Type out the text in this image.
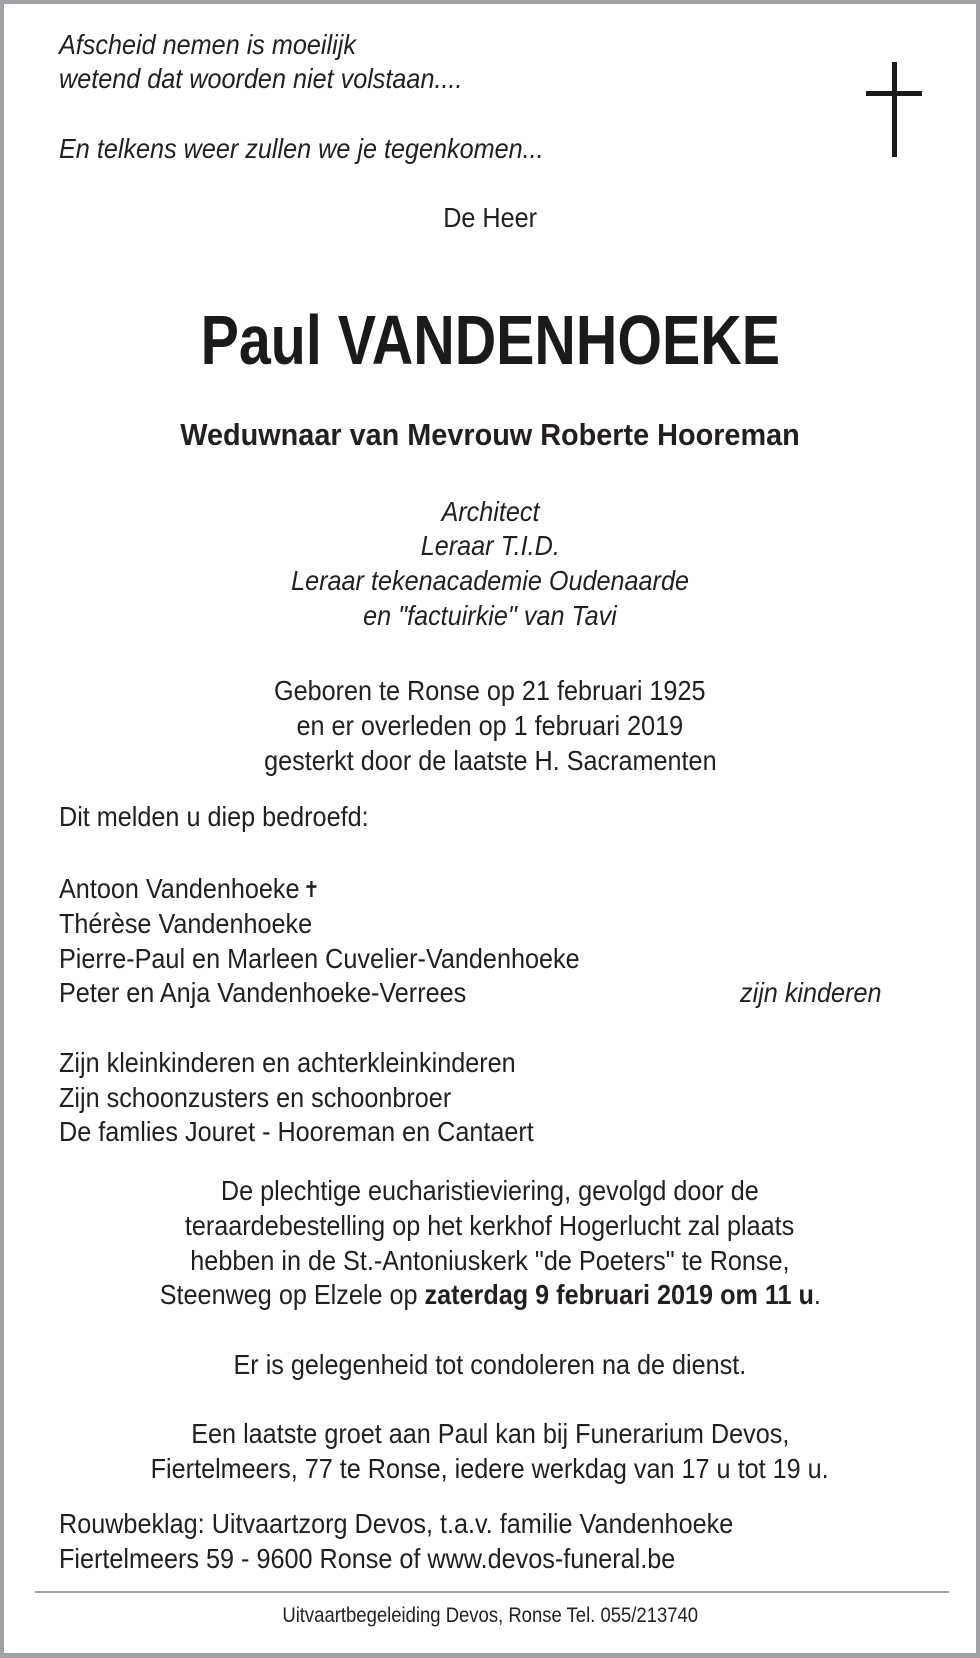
Afscheid nemen is moeilijk
wetend dat woorden niet volstaan....
En telkens weer zullen we je tegenkomen...
De Heer
Paul VANDENHOEKE
Weduwnaar van Mevrouw Roberte Hooreman
Architect
Leraar T.I.D.
Leraar tekenacademie Oudenaarde
en "factuirkie" van Tavi
Geboren te Ronse op 21 februari 1925
en er overleden op 1 februari 2019
gesterkt door de laatste H. Sacramenten
Dit melden u diep bedroefd:
Antoon Vandenhoeke ✝
Thérèse Vandenhoeke
Pierre-Paul en Marleen Cuvelier-Vandenhoeke
Peter en Anja Vandenhoeke-Verrees	zijn kinderen
Zijn kleinkinderen en achterkleinkinderen
Zijn schoonzusters en schoonbroer
De famlies Jouret - Hooreman en Cantaert
De plechtige eucharistieviering, gevolgd door de
teraardebestelling op het kerkhof Hogerlucht zal plaats
hebben in de St.-Antoniuskerk "de Poeters" te Ronse,
Steenweg op Elzele op zaterdag 9 februari 2019 om 11 u.
Er is gelegenheid tot condoleren na de dienst.
Een laatste groet aan Paul kan bij Funerarium Devos,
Fiertelmeers, 77 te Ronse, iedere werkdag van 17 u tot 19 u.
Rouwbeklag: Uitvaartzorg Devos, t.a.v. familie Vandenhoeke
Fiertelmeers 59 - 9600 Ronse of www.devos-funeral.be
Uitvaartbegeleiding Devos, Ronse Tel. 055/213740
